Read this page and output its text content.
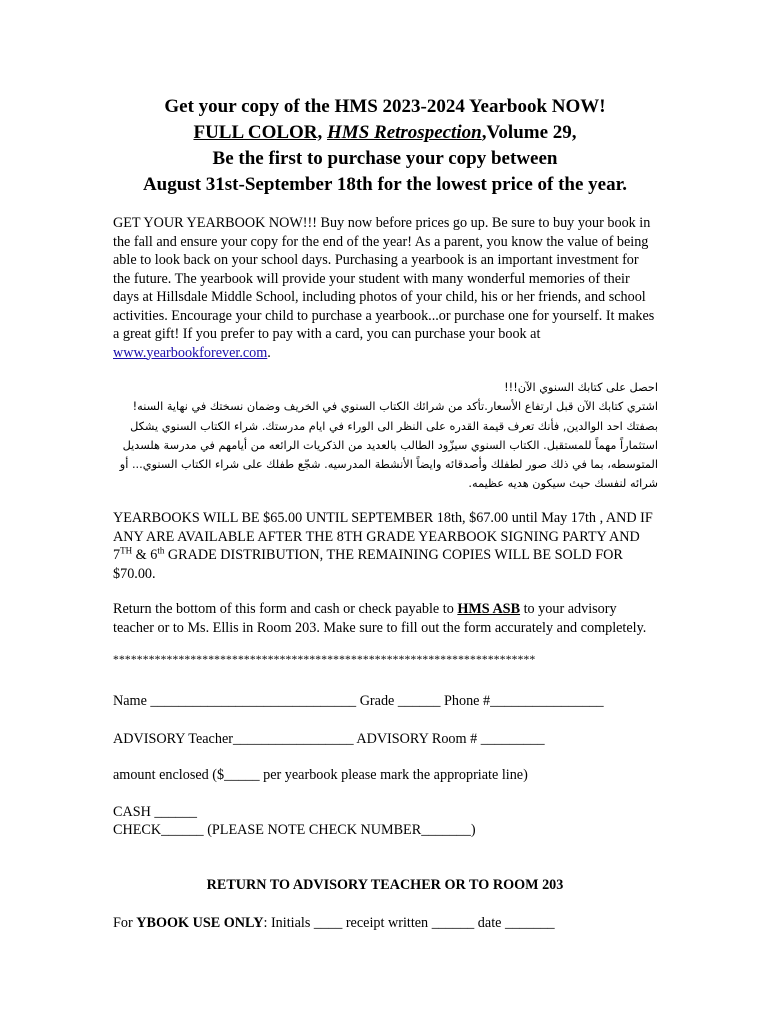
Get your copy of the HMS 2023-2024 Yearbook NOW!
FULL COLOR, HMS Retrospection,Volume 29,
Be the first to purchase your copy between
August 31st-September 18th for the lowest price of the year.
GET YOUR YEARBOOK NOW!!! Buy now before prices go up. Be sure to buy your book in the fall and ensure your copy for the end of the year! As a parent, you know the value of being able to look back on your school days. Purchasing a yearbook is an important investment for the future. The yearbook will provide your student with many wonderful memories of their days at Hillsdale Middle School, including photos of your child, his or her friends, and school activities. Encourage your child to purchase a yearbook...or purchase one for yourself. It makes a great gift! If you prefer to pay with a card, you can purchase your book at www.yearbookforever.com.
احصل على كتابك السنوي الآن!!!
اشتري كتابك الآن قبل ارتفاع الأسعار.تأكد من شرائك الكتاب السنوي في الخريف وضمان نسختك في نهاية السنه!
بصفتك احد الوالدين, فأنك تعرف قيمة القدره على النظر الى الوراء في ايام مدرستك. شراء الكتاب السنوي يشكل
استثماراً مهماً للمستقبل. الكتاب السنوي سيزّود الطالب بالعديد من الذكريات الرائعه من أيامهم في مدرسة هلسديل
المتوسطه، بما في ذلك صور لطفلك وأصدقائه وايضاً الأنشطة المدرسيه. شجّع طفلك على شراء الكتاب السنوي... أو
شرائه لنفسك حيث سيكون هديه عظيمه.
YEARBOOKS WILL BE $65.00 UNTIL SEPTEMBER 18th, $67.00 until May 17th , AND IF ANY ARE AVAILABLE AFTER THE 8TH GRADE YEARBOOK SIGNING PARTY AND 7TH & 6th GRADE DISTRIBUTION, THE REMAINING COPIES WILL BE SOLD FOR $70.00.
Return the bottom of this form and cash or check payable to HMS ASB to your advisory teacher or to Ms. Ellis in Room 203. Make sure to fill out the form accurately and completely.
***********************************************************************
Name _____________________________ Grade ______ Phone #________________
ADVISORY Teacher_________________ ADVISORY Room # _________
amount enclosed ($_____ per yearbook please mark the appropriate line)
CASH ______
CHECK______ (PLEASE NOTE CHECK NUMBER_______)
RETURN TO ADVISORY TEACHER OR TO ROOM 203
For YBOOK USE ONLY: Initials ____ receipt written ______ date _______
